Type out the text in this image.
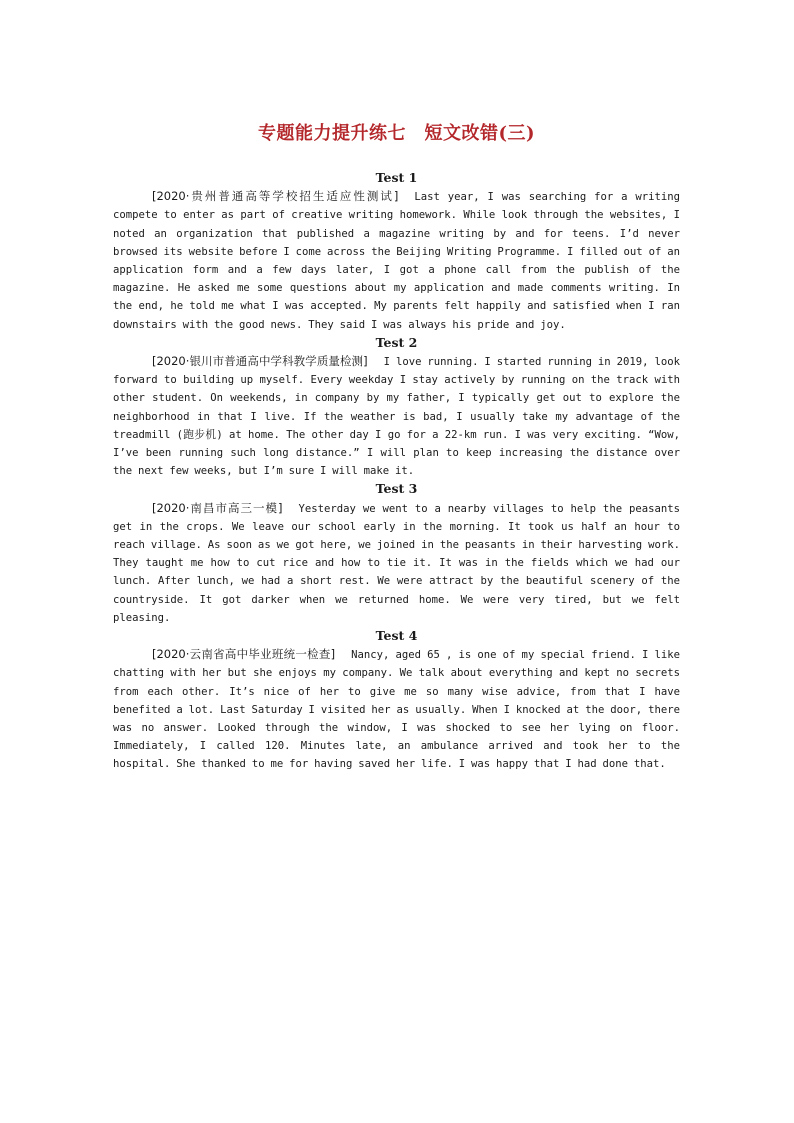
专题能力提升练七　短文改错(三)
Test 1

[2020·贵州普通高等学校招生适应性测试] Last year, I was searching for a writing compete to enter as part of creative writing homework. While look through the websites, I noted an organization that published a magazine writing by and for teens. I’d never browsed its website before I come across the Beijing Writing Programme. I filled out of an application form and a few days later, I got a phone call from the publish of the magazine. He asked me some questions about my application and made comments writing. In the end, he told me what I was accepted. My parents felt happily and satisfied when I ran downstairs with the good news. They said I was always his pride and joy.

Test 2

[2020·银川市普通高中学科教学质量检测] I love running. I started running in 2019, look forward to building up myself. Every weekday I stay actively by running on the track with other student. On weekends, in company by my father, I typically get out to explore the neighborhood in that I live. If the weather is bad, I usually take my advantage of the treadmill (跑步机) at home. The other day I go for a 22-km run. I was very exciting. “Wow, I’ve been running such long distance.” I will plan to keep increasing the distance over the next few weeks, but I’m sure I will make it.

Test 3

[2020·南昌市高三一模] Yesterday we went to a nearby villages to help the peasants get in the crops. We leave our school early in the morning. It took us half an hour to reach village. As soon as we got here, we joined in the peasants in their harvesting work. They taught me how to cut rice and how to tie it. It was in the fields which we had our lunch. After lunch, we had a short rest. We were attract by the beautiful scenery of the countryside. It got darker when we returned home. We were very tired, but we felt pleasing.

Test 4

[2020·云南省高中毕业班统一检查] Nancy, aged 65 , is one of my special friend. I like chatting with her but she enjoys my company. We talk about everything and kept no secrets from each other. It’s nice of her to give me so many wise advice, from that I have benefited a lot. Last Saturday I visited her as usually. When I knocked at the door, there was no answer. Looked through the window, I was shocked to see her lying on floor. Immediately, I called 120. Minutes late, an ambulance arrived and took her to the hospital. She thanked to me for having saved her life. I was happy that I had done that.
